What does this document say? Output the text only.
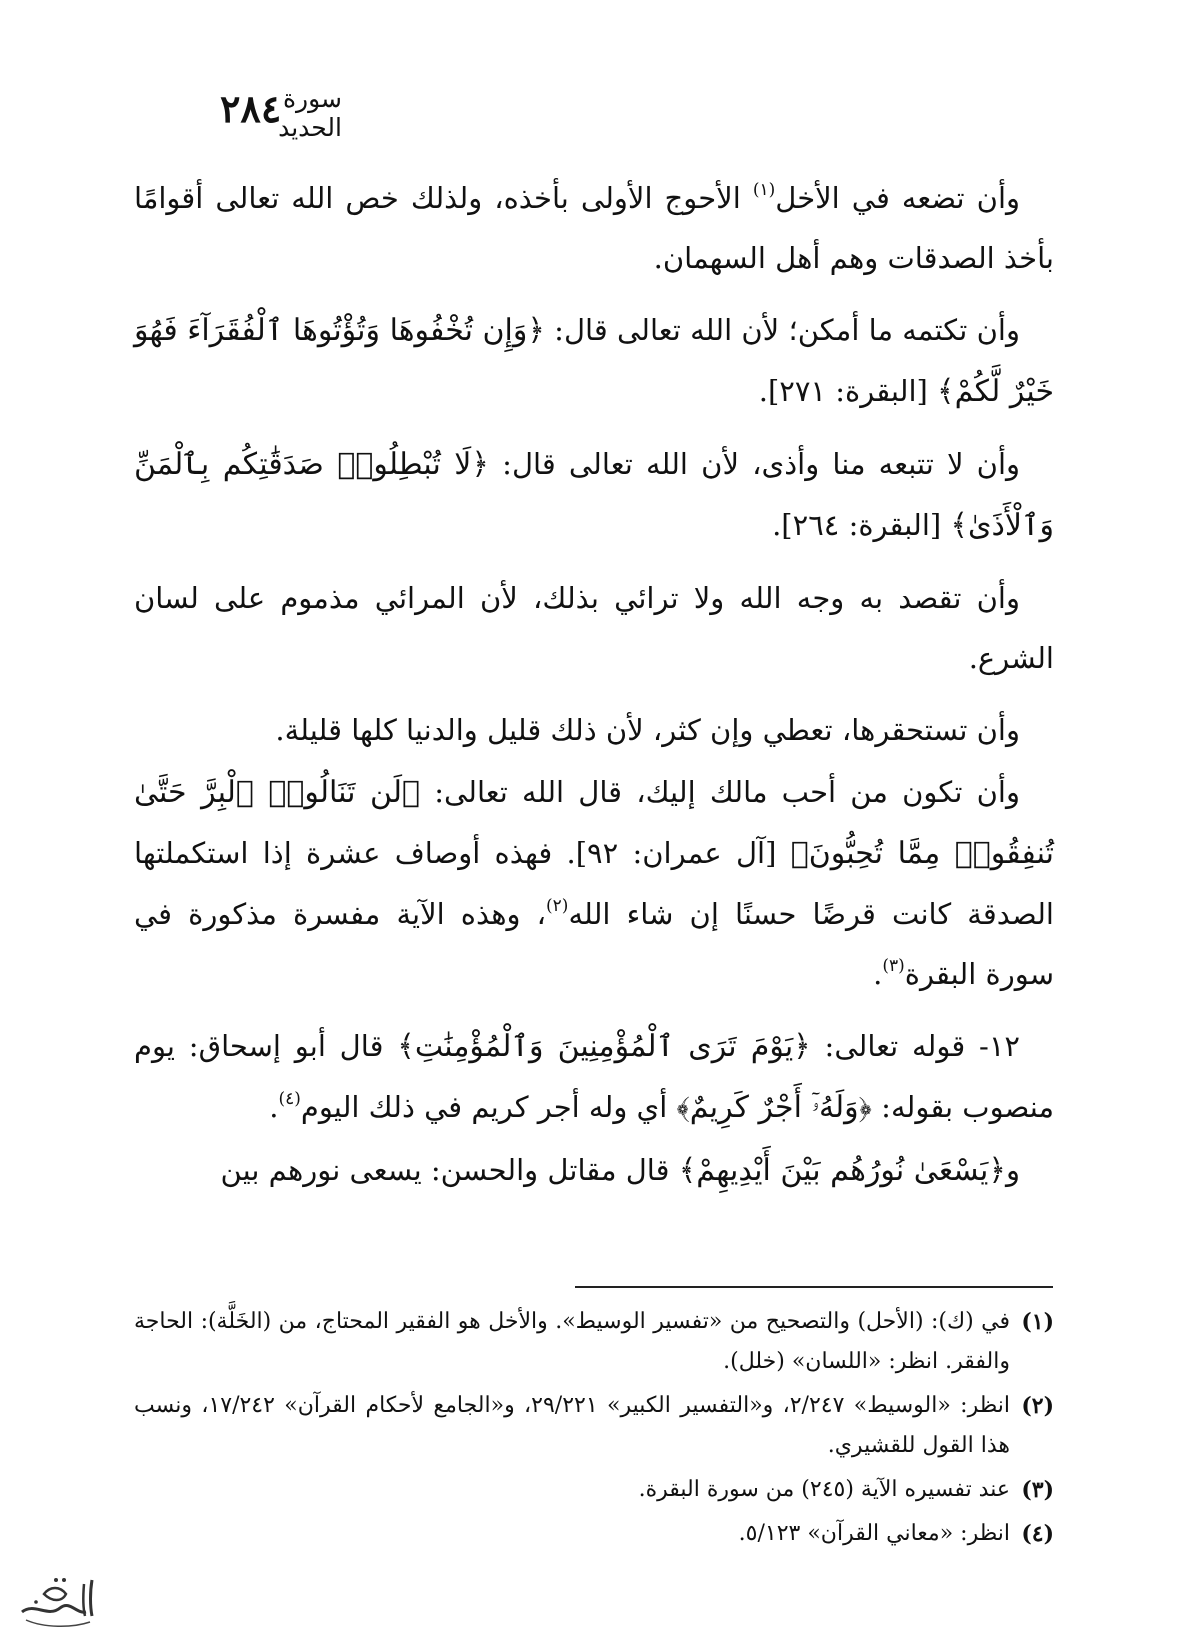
٢٨٤ سورة الحديد

وأن تضعه في الأخل$^{(١)}$ الأحوج الأولى بأخذه، ولذلك خص الله تعالى أقوامًا بأخذ الصدقات وهم أهل السهمان.

وأن تكتمه ما أمكن؛ لأن الله تعالى قال: ﴿وَإِن تُخْفُوهَا وَتُؤْتُوهَا ٱلْفُقَرَآءَ فَهُوَ خَيْرٌ لَّكُمْ﴾ [البقرة: ٢٧١].

وأن لا تتبعه منا وأذى، لأن الله تعالى قال: ﴿لَا تُبْطِلُوا۟ صَدَقَٰتِكُم بِٱلْمَنِّ وَٱلْأَذَىٰ﴾ [البقرة: ٢٦٤].

وأن تقصد به وجه الله ولا ترائي بذلك، لأن المرائي مذموم على لسان الشرع.

وأن تستحقرها، تعطي وإن كثر، لأن ذلك قليل والدنيا كلها قليلة.

وأن تكون من أحب مالك إليك، قال الله تعالى: ﴿لَن تَنَالُوا۟ ٱلْبِرَّ حَتَّىٰ تُنفِقُوا۟ مِمَّا تُحِبُّونَ﴾ [آل عمران: ٩٢]. فهذه أوصاف عشرة إذا استكملتها الصدقة كانت قرضًا حسنًا إن شاء الله$^{(٢)}$، وهذه الآية مفسرة مذكورة في سورة البقرة$^{(٣)}$.

١٢- قوله تعالى: ﴿يَوْمَ تَرَى ٱلْمُؤْمِنِينَ وَٱلْمُؤْمِنَٰتِ﴾ قال أبو إسحاق: يوم منصوب بقوله: ﴿وَلَهُۥٓ أَجْرٌ كَرِيمٌ﴾ أي وله أجر كريم في ذلك اليوم$^{(٤)}$.

و﴿يَسْعَىٰ نُورُهُم بَيْنَ أَيْدِيهِمْ﴾ قال مقاتل والحسن: يسعى نورهم بين

(١)
في (ك): (الأحل) والتصحيح من «تفسير الوسيط». والأخل هو الفقير المحتاج، من (الخَلَّة): الحاجة والفقر. انظر: «اللسان» (خلل).
(٢)
انظر: «الوسيط» ٢/٢٤٧، و«التفسير الكبير» ٢٩/٢٢١، و«الجامع لأحكام القرآن» ١٧/٢٤٢، ونسب هذا القول للقشيري.
(٣)
عند تفسيره الآية (٢٤٥) من سورة البقرة.
(٤)
انظر: «معاني القرآن» ٥/١٢٣.
